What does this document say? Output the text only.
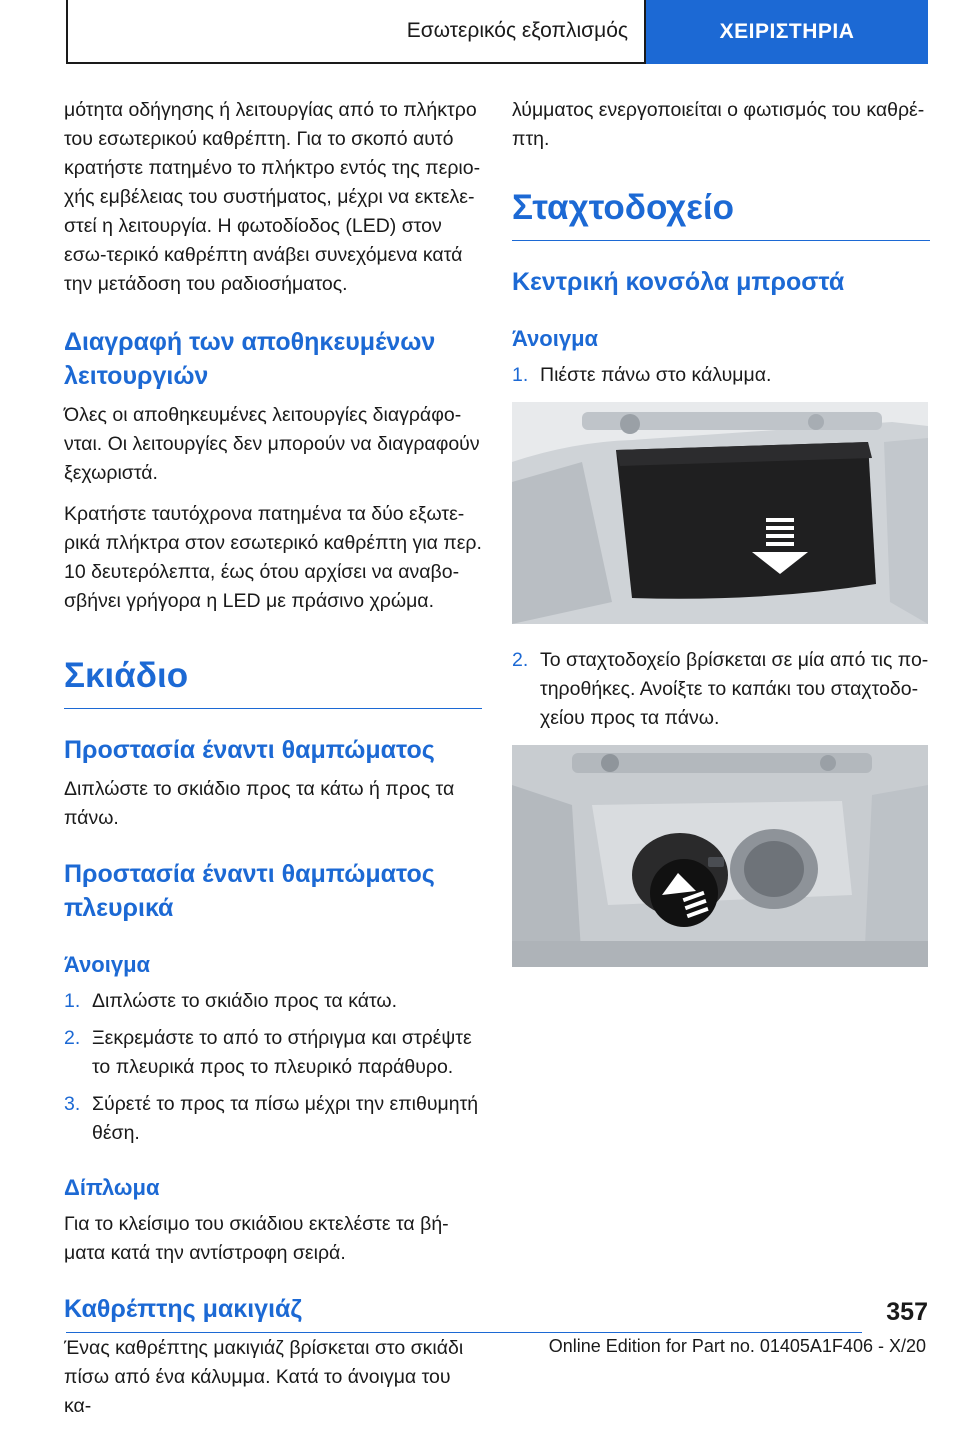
Εσωτερικός εξοπλισμός	ΧΕΙΡΙΣΤΗΡΙΑ

μότητα οδήγησης ή λειτουργίας από το πλήκτρο του εσωτερικού καθρέπτη. Για το σκοπό αυτό κρατήστε πατημένο το πλήκτρο εντός της περιο‐χής εμβέλειας του συστήματος, μέχρι να εκτελε‐στεί η λειτουργία. Η φωτοδίοδος (LED) στον εσω‐τερικό καθρέπτη ανάβει συνεχόμενα κατά την μετάδοση του ραδιοσήματος.

Διαγραφή των αποθηκευμένων λειτουργιών

Όλες οι αποθηκευμένες λειτουργίες διαγράφο‐νται. Οι λειτουργίες δεν μπορούν να διαγραφούν ξεχωριστά.

Κρατήστε ταυτόχρονα πατημένα τα δύο εξωτε‐ρικά πλήκτρα στον εσωτερικό καθρέπτη για περ. 10 δευτερόλεπτα, έως ότου αρχίσει να αναβο‐σβήνει γρήγορα η LED με πράσινο χρώμα.

Σκιάδιο
Προστασία έναντι θαμπώματος

Διπλώστε το σκιάδιο προς τα κάτω ή προς τα πάνω.

Προστασία έναντι θαμπώματος πλευρικά
Άνοιγμα
1. Διπλώστε το σκιάδιο προς τα κάτω.
2. Ξεκρεμάστε το από το στήριγμα και στρέψτε το πλευρικά προς το πλευρικό παράθυρο.
3. Σύρετέ το προς τα πίσω μέχρι την επιθυμητή θέση.
Δίπλωμα

Για το κλείσιμο του σκιάδιου εκτελέστε τα βή‐ματα κατά την αντίστροφη σειρά.

Καθρέπτης μακιγιάζ

Ένας καθρέπτης μακιγιάζ βρίσκεται στο σκιάδι πίσω από ένα κάλυμμα. Κατά το άνοιγμα του κα‐

λύμματος ενεργοποιείται ο φωτισμός του καθρέ‐πτη.

Σταχτοδοχείο
Κεντρική κονσόλα μπροστά
Άνοιγμα
1. Πιέστε πάνω στο κάλυμμα.
2. Το σταχτοδοχείο βρίσκεται σε μία από τις πο‐τηροθήκες. Ανοίξτε το καπάκι του σταχτοδο‐χείου προς τα πάνω.
357
Online Edition for Part no. 01405A1F406 - X/20
